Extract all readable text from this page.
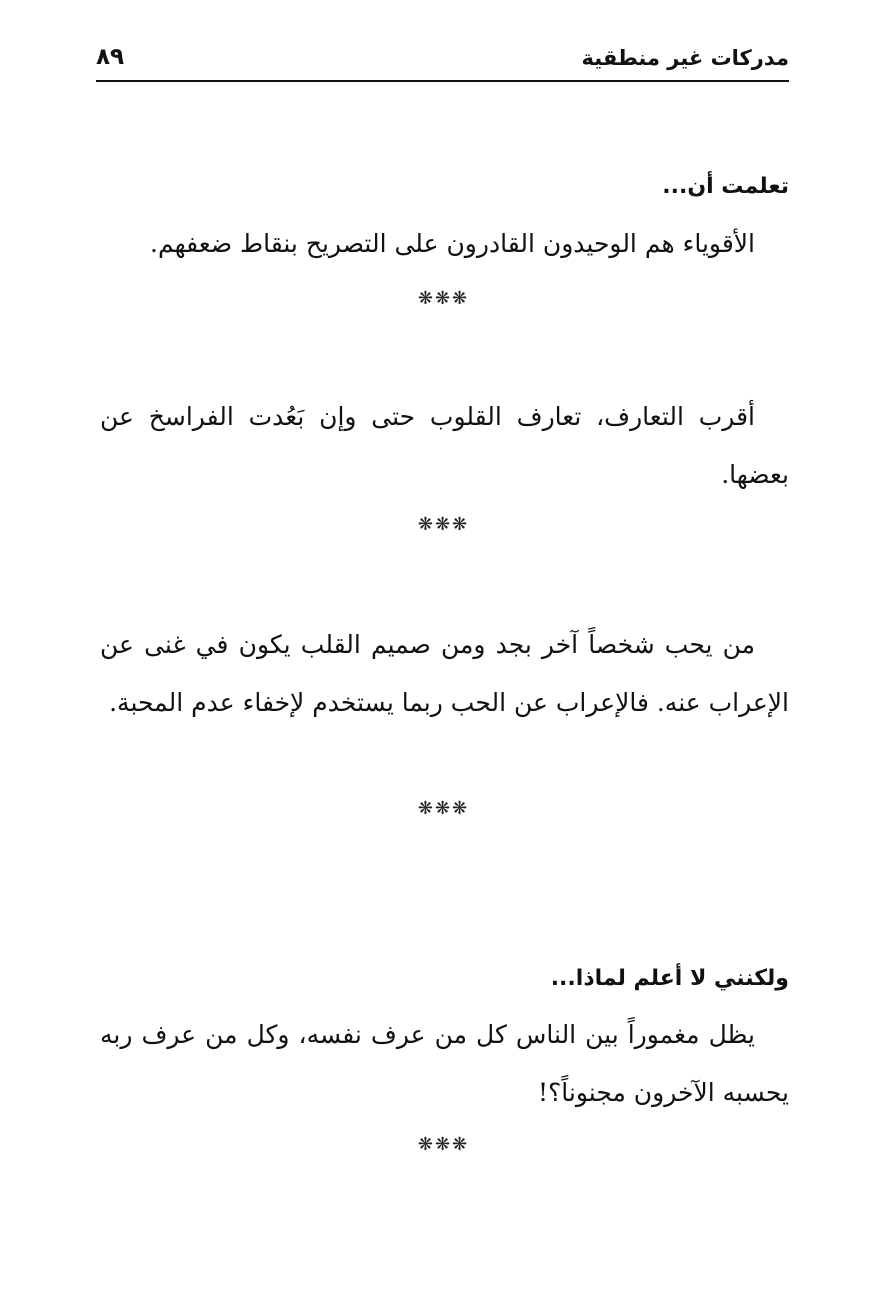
مدركات غير منطقية
٨٩
تعلمت أن...
الأقوياء هم الوحيدون القادرون على التصريح بنقاط ضعفهم.
❋❋❋
أقرب التعارف، تعارف القلوب حتى وإن بَعُدت الفراسخ عن بعضها.
❋❋❋
من يحب شخصاً آخر بجد ومن صميم القلب يكون في غنى عن الإعراب عنه. فالإعراب عن الحب ربما يستخدم لإخفاء عدم المحبة.
❋❋❋
ولكنني لا أعلم لماذا...
يظل مغموراً بين الناس كل من عرف نفسه، وكل من عرف ربه يحسبه الآخرون مجنوناً؟!
❋❋❋
